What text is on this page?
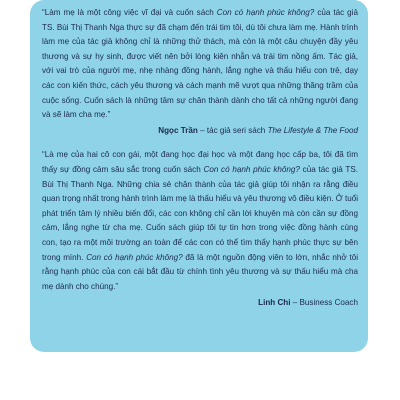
“Làm mẹ là một công việc vĩ đại và cuốn sách Con có hạnh phúc không? của tác giả TS. Bùi Thị Thanh Nga thực sự đã chạm đến trái tim tôi, dù tôi chưa làm mẹ. Hành trình làm mẹ của tác giả không chỉ là những thử thách, mà còn là một câu chuyện đầy yêu thương và sự hy sinh, được viết nên bởi lòng kiên nhẫn và trái tim nồng ấm. Tác giả, với vai trò của người mẹ, nhẹ nhàng đồng hành, lắng nghe và thấu hiểu con trẻ, dạy các con kiến thức, cách yêu thương và cách mạnh mẽ vượt qua những thăng trầm của cuộc sống. Cuốn sách là những tâm sự chân thành dành cho tất cả những người đang và sẽ làm cha mẹ.”

Ngọc Trần – tác giả seri sách The Lifestyle & The Food

“Là mẹ của hai cô con gái, một đang học đại học và một đang học cấp ba, tôi đã tìm thấy sự đồng cảm sâu sắc trong cuốn sách Con có hạnh phúc không? của tác giả TS. Bùi Thị Thanh Nga. Những chia sẻ chân thành của tác giả giúp tôi nhận ra rằng điều quan trọng nhất trong hành trình làm mẹ là thấu hiểu và yêu thương vô điều kiện. Ở tuổi phát triển tâm lý nhiều biến đổi, các con không chỉ cần lời khuyên mà còn cần sự đồng cảm, lắng nghe từ cha mẹ. Cuốn sách giúp tôi tự tin hơn trong việc đồng hành cùng con, tạo ra một môi trường an toàn để các con có thể tìm thấy hạnh phúc thực sự bên trong mình. Con có hạnh phúc không? đã là một nguồn động viên to lớn, nhắc nhở tôi rằng hạnh phúc của con cái bắt đầu từ chính tình yêu thương và sự thấu hiểu mà cha mẹ dành cho chúng.”

Linh Chi – Business Coach
